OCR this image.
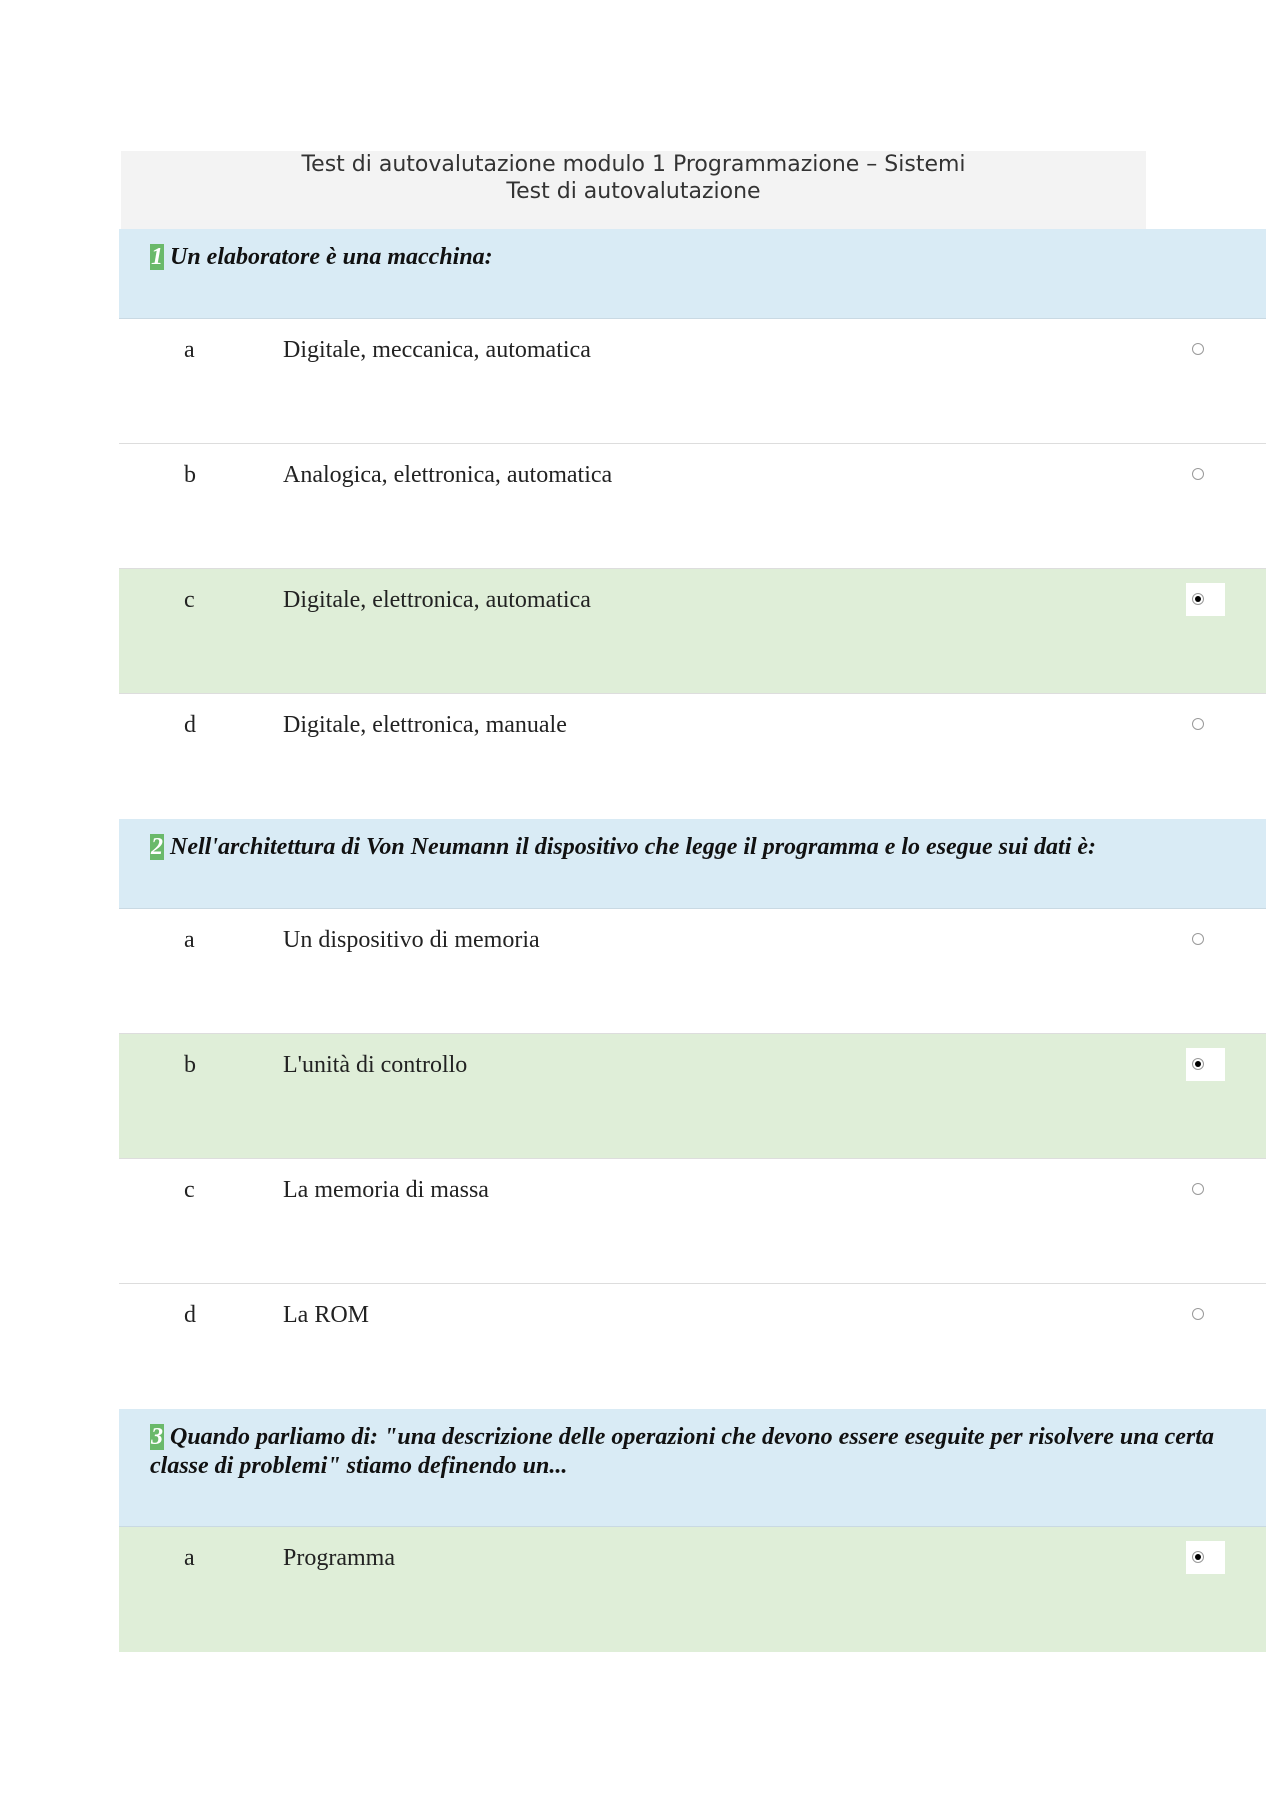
Test di autovalutazione modulo 1 Programmazione – Sistemi
Test di autovalutazione
1 Un elaboratore è una macchina:
a	Digitale, meccanica, automatica
b	Analogica, elettronica, automatica
c	Digitale, elettronica, automatica
d	Digitale, elettronica, manuale
2 Nell'architettura di Von Neumann il dispositivo che legge il programma e lo esegue sui dati è:
a	Un dispositivo di memoria
b	L'unità di controllo
c	La memoria di massa
d	La ROM
3 Quando parliamo di: "una descrizione delle operazioni che devono essere eseguite per risolvere una certa classe di problemi" stiamo definendo un...
a	Programma
